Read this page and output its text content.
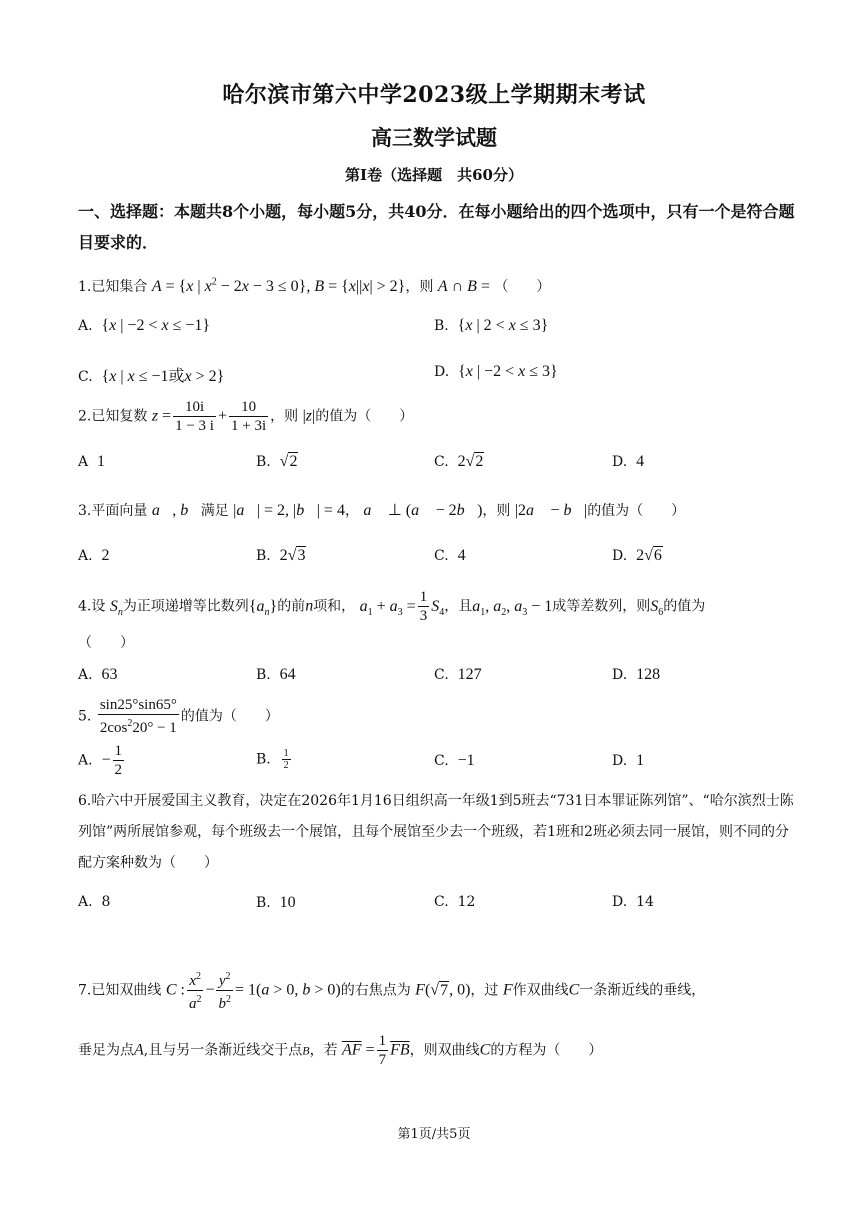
哈尔滨市第六中学2023级上学期期末考试
高三数学试题
第Ⅰ卷（选择题　共60分）
一、选择题：本题共8个小题，每小题5分，共40分．在每小题给出的四个选项中，只有一个是符合题目要求的．
1.已知集合 A = {x | $x^2 - 2x - 3 \le 0$}, B = {x||x| > 2}，则 A ∩ B = （　　）
A. {x | −2 < x ≤ −1}	B. {x | 2 < x ≤ 3}
C. {x | x ≤ −1或x > 2}	D. {x | −2 < x ≤ 3}
2.已知复数 $z = \frac{10i}{1 - 3 i} + \frac{10}{1 + 3i}$ ，则 |z|的值为（　　）
A 1	B. √2	C. 2√2	D. 4
3.平面向量 a⃗, b⃗满足 |a⃗| = 2, |b⃗| = 4， a⃗ ⊥ (a⃗ − 2b⃗)，则 |2a⃗ − b⃗|的值为（　　）
A. 2	B. 2√3	C. 4	D. 2√6
4.设 $S_n$为正项递增等比数列$\{a_n\}$的前n项和， $a_1 + a_3 = \frac{1}{3} S_4$，且$a_1$, $a_2$, $a_3 - 1$成等差数列，则$S_6$的值为
（　　）
A. 63	B. 64	C. 127	D. 128
5. $\frac{\sin 25^\circ\sin 65^\circ}{2\cos^220^\circ - 1}$ 的值为（　　）
A. − $\frac{1}{2}$	B. $\frac{1}{2}$	C. −1	D. 1
6.哈六中开展爱国主义教育，决定在2026年1月16日组织高一年级1到5班去“731日本罪证陈列馆”、“哈尔滨烈士陈列馆”两所展馆参观，每个班级去一个展馆，且每个展馆至少去一个班级，若1班和2班必须去同一展馆，则不同的分配方案种数为（　　）
A. 8	B. 10	C. 12	D. 14
7.已知双曲线 C : $\frac{x^2}{a^2} - \frac{y^2}{b^2} = 1(a > 0$, b > 0)的右焦点为 F(√7, 0)，过 F作双曲线C一条渐近线的垂线，
垂足为点A,且与另一条渐近线交于点B，若 $\overline{AF} = \frac{1}{7} \overline{FB}$，则双曲线C的方程为（　　）
第1页/共5页
